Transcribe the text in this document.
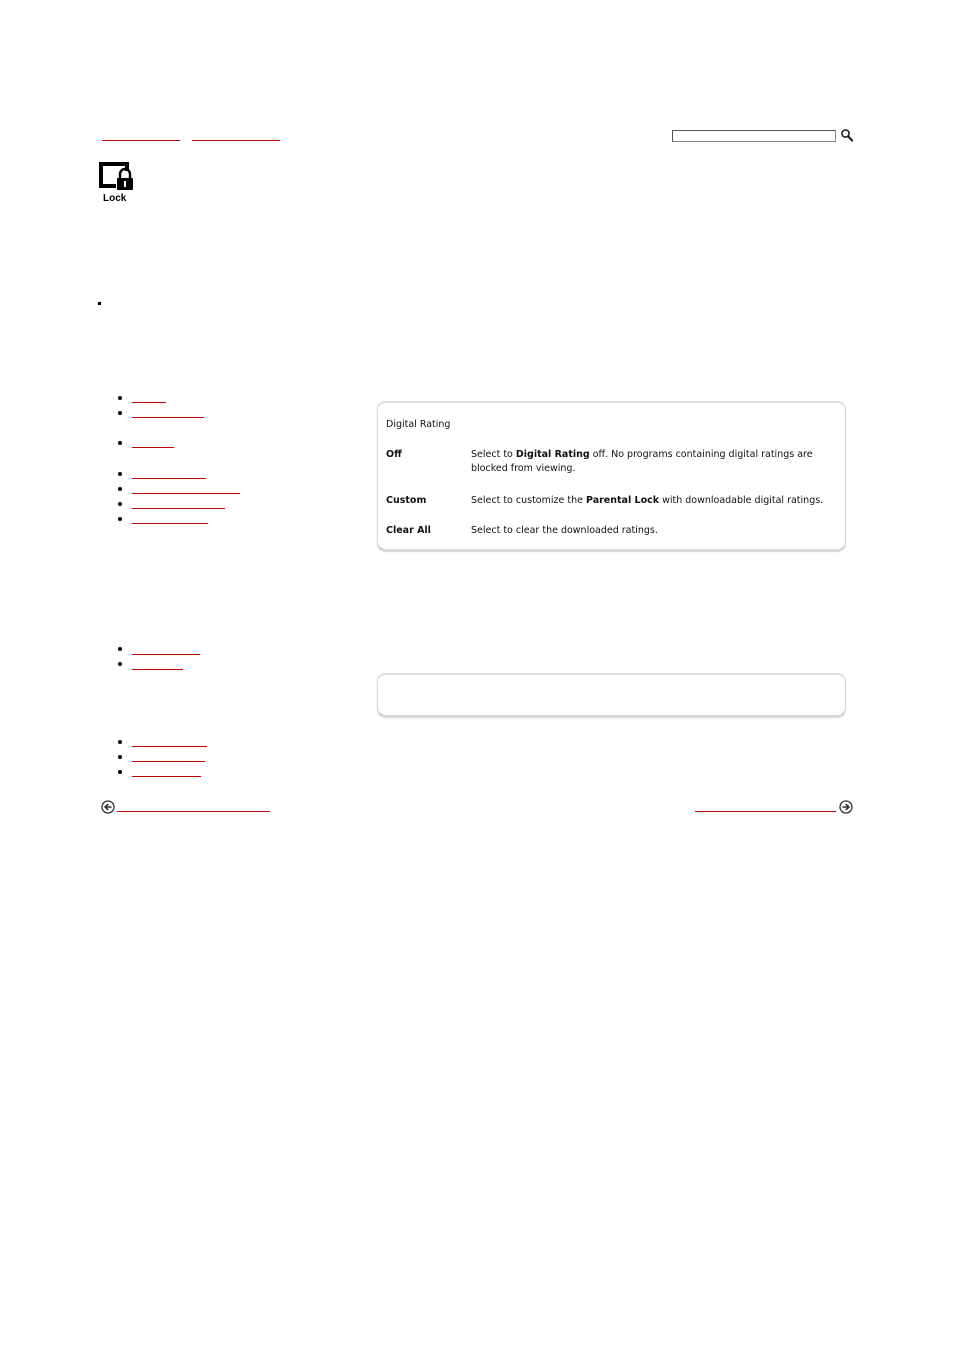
Lock
Digital Rating
Off	Select to Digital Rating off. No programs containing digital ratings are
blocked from viewing.
Custom	Select to customize the Parental Lock with downloadable digital ratings.
Clear All	Select to clear the downloaded ratings.
